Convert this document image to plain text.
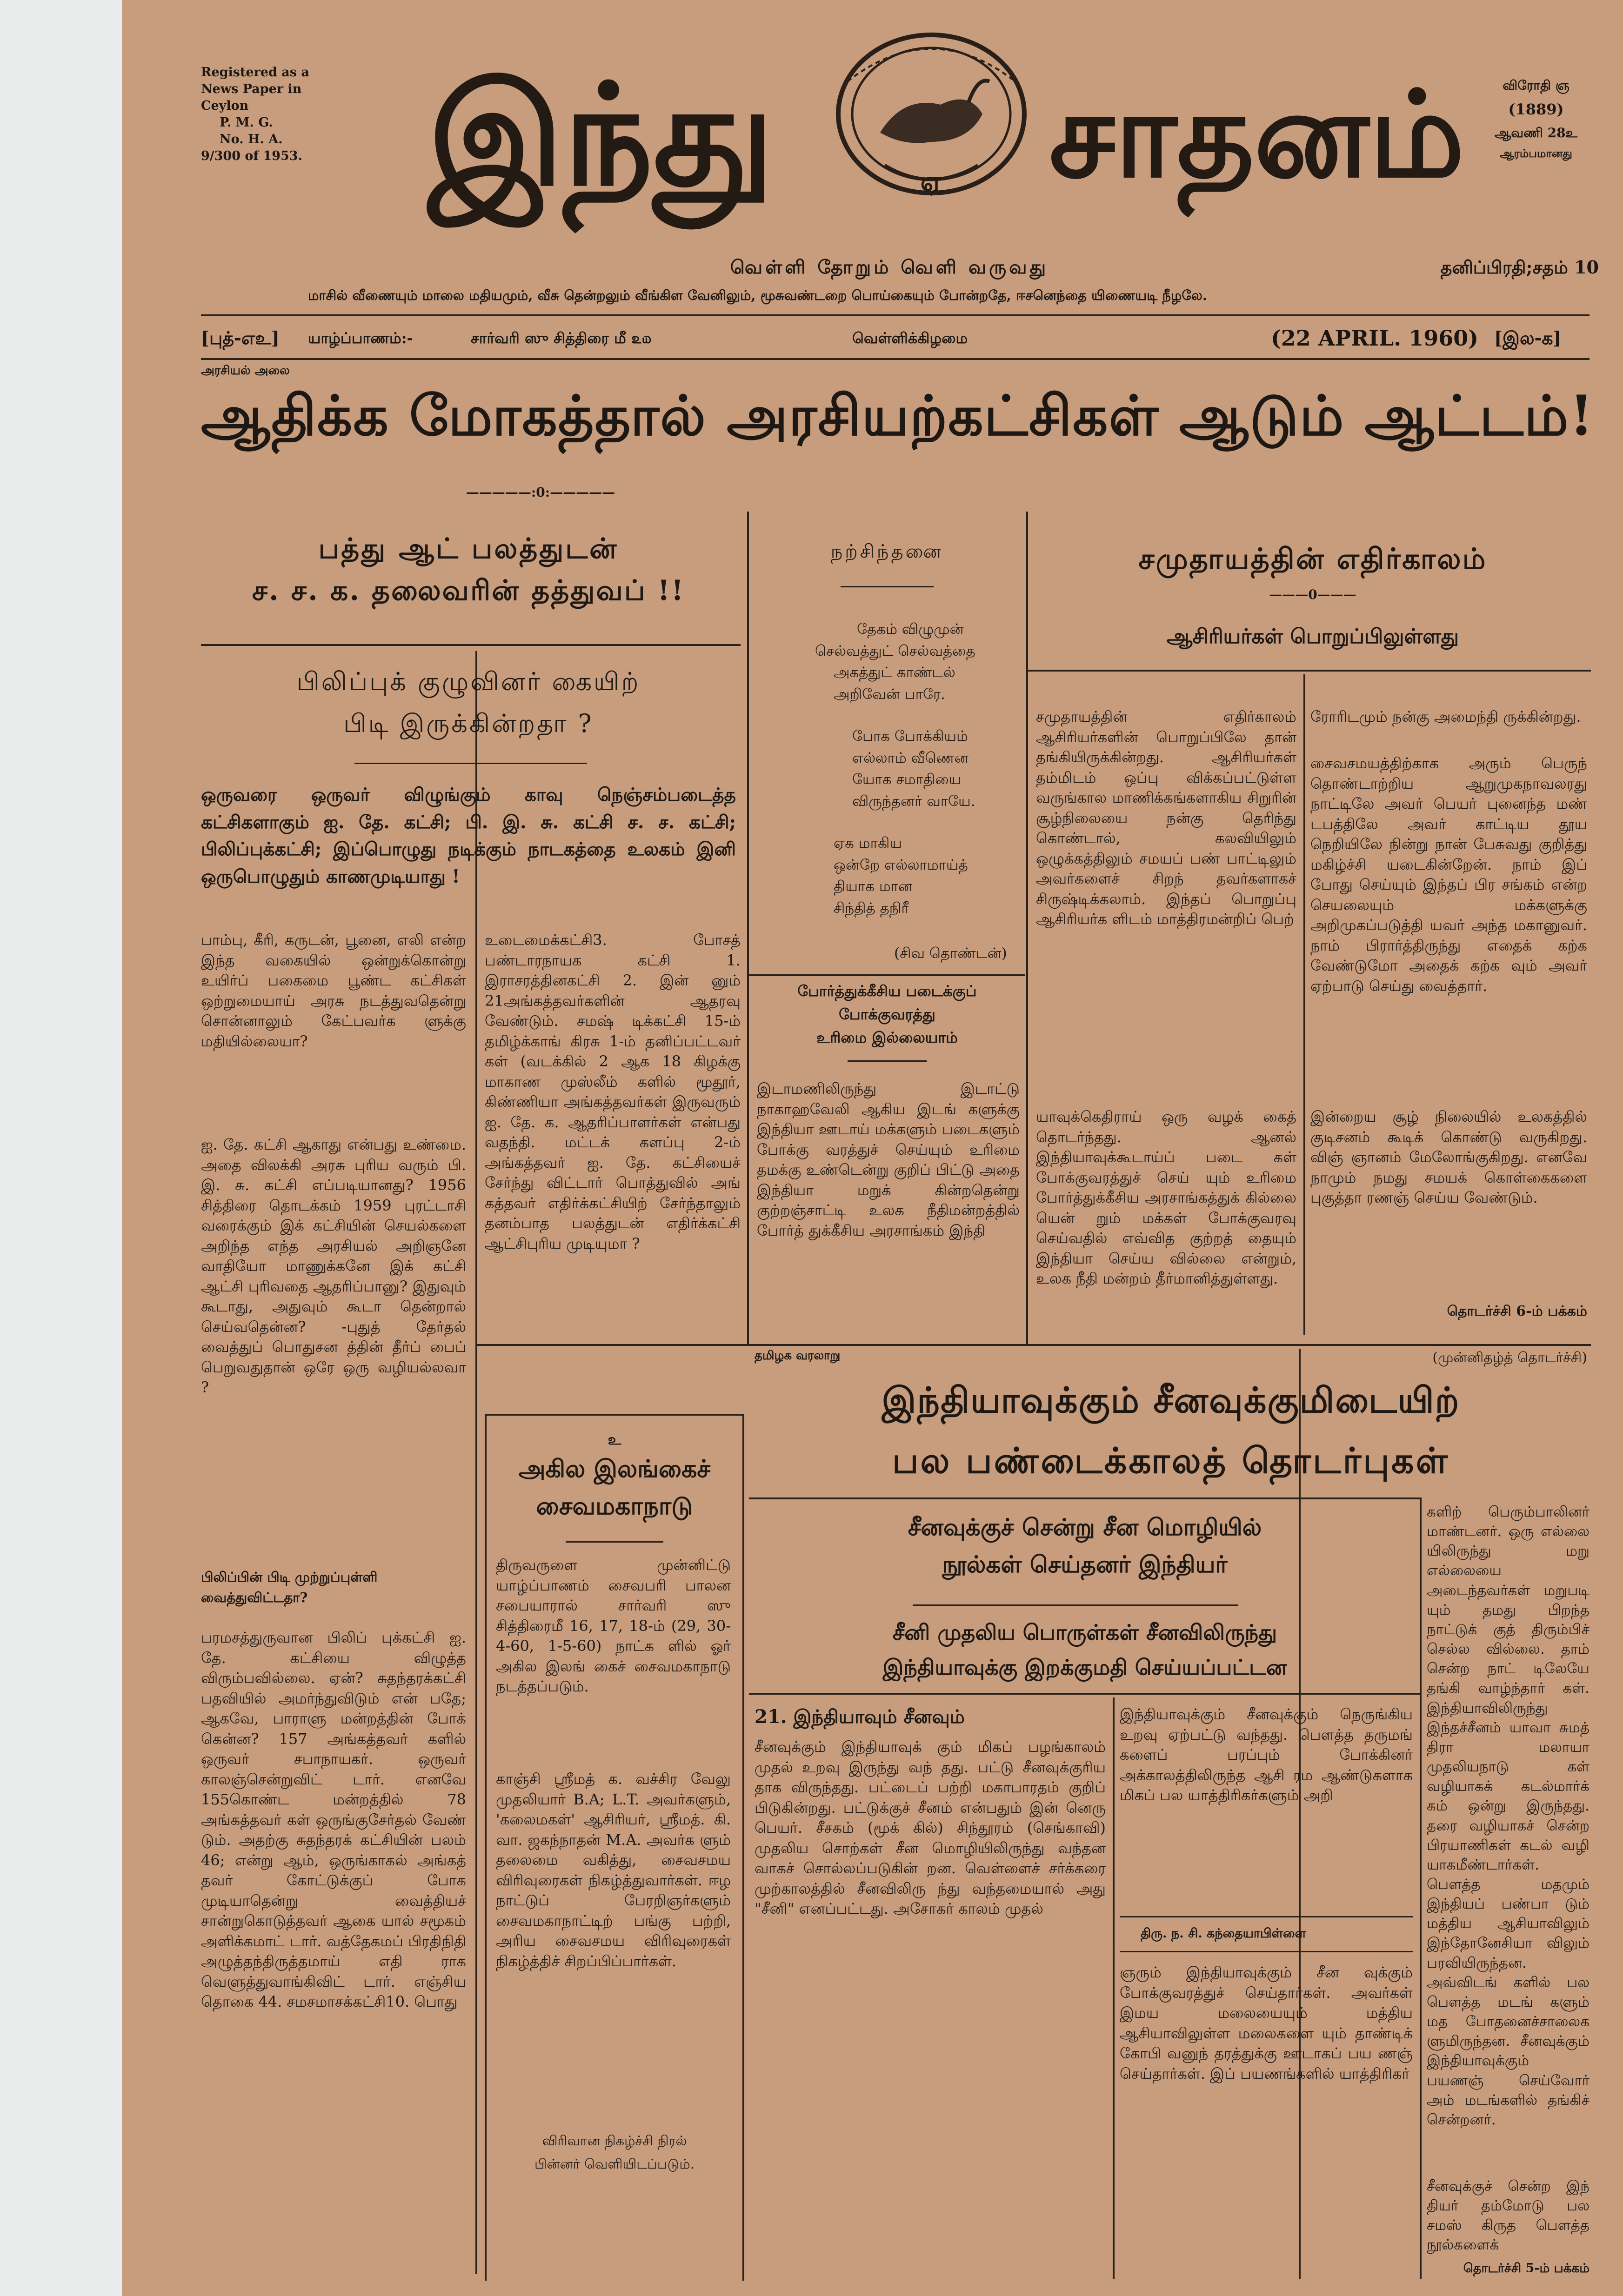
Registered as a
News Paper in
Ceylon
P. M. G.
No. H. A.
9/300 of 1953. இந்து	ஏ சாதனம்	விரோதி ஞ
(1889)
ஆவணி 28உ
ஆரம்பமானது
வெள்ளி தோறும் வெளி வருவது	தனிப்பிரதி;சதம் 10
மாசில் வீணையும் மாலை மதியமும், வீசு தென்றலும் வீங்கிள வேனிலும், மூசுவண்டறை பொய்கையும் போன்றதே, ஈசனெந்தை யிணையடி நீழலே.
[புத்-எஉ] யாழ்ப்பாணம்:-	சார்வரி ஸு சித்திரை மீ ௨௰	வெள்ளிக்கிழமை	(22 APRIL. 1960) [இல-க]
அரசியல் அலை
ஆதிக்க மோகத்தால் அரசியற்கட்சிகள் ஆடும் ஆட்டம்!
—————:0:—————
பத்து ஆட் பலத்துடன்
ச. ச. க. தலைவரின் தத்துவப் !!
பிலிப்புக் குழுவினர் கையிற்
பிடி இருக்கின்றதா ?
ஒருவரை ஒருவர் விழுங்கும் காவு நெஞ்சம்படைத்த கட்சிகளாகும் ஐ. தே. கட்சி; பி. இ. சு. கட்சி ச. ச. கட்சி; பிலிப்புக்கட்சி; இப்பொழுது நடிக்கும் நாடகத்தை உலகம் இனி ஒருபொழுதும் காணமுடியாது !
பாம்பு, கீரி, கருடன், பூனை, எலி என்ற இந்த வகையில் ஒன்றுக்கொன்று உயிர்ப் பகைமை பூண்ட கட்சிகள் ஒற்றுமையாய் அரசு நடத்துவதென்று சொன்னாலும் கேட்பவர்க ளுக்கு மதியில்லையா?
ஐ. தே. கட்சி ஆகாது என்பது உண்மை. அதை விலக்கி அரசு புரிய வரும் பி. இ. சு. கட்சி எப்படியானது? 1956 சித்திரை தொடக்கம் 1959 புரட்டாசி வரைக்கும் இக் கட்சியின் செயல்களை அறிந்த எந்த அரசியல் அறிஞனே வாதியோ மாணுக்கனே இக் கட்சி ஆட்சி புரிவதை ஆதரிப்பானு? இதுவும் கூடாது, அதுவும் கூடா தென்றால் செய்வதென்ன? -புதுத் தேர்தல் வைத்துப் பொதுசன த்தின் தீர்ப் பைப் பெறுவதுதான் ஒரே ஒரு வழியல்லவா ?
பிலிப்பின் பிடி முற்றுப்புள்ளி வைத்துவிட்டதா?
பரமசத்துருவான பிலிப் புக்கட்சி ஐ. தே. கட்சியை விழுத்த விரும்பவில்லை. ஏன்? சுதந்தரக்கட்சி பதவியில் அமர்ந்துவிடும் என் பதே; ஆகவே, பாராளு மன்றத்தின் போக் கென்ன? 157 அங்கத்தவர் களில் ஒருவர் சபாநாயகர். ஒருவர் காலஞ்சென்றுவிட் டார். எனவே 155கொண்ட மன்றத்தில் 78 அங்கத்தவர் கள் ஒருங்குசேர்தல் வேண் டும். அதற்கு சுதந்தரக் கட்சியின் பலம் 46; என்று ஆம், ஒருங்காகல் அங்கத் தவர் கோட்டுக்குப் போக முடியாதென்று வைத்தியச் சான்றுகொடுத்தவர் ஆகை யால் சமூகம் அளிக்கமாட் டார். வத்தேகமப் பிரதிநிதி அழுத்தந்திருத்தமாய் எதி ராக வெளுத்துவாங்கிவிட் டார். எஞ்சிய தொகை 44. சமசமாசக்கட்சி10. பொது
உடைமைக்கட்சி3. போசத் பண்டாரநாயக கட்சி 1. இராசரத்தினகட்சி 2. இன் னும் 21அங்கத்தவர்களின் ஆதரவு வேண்டும். சமஷ் டிக்கட்சி 15-ம் தமிழ்க்காங் கிரசு 1-ம் தனிப்பட்டவர் கள் (வடக்கில் 2 ஆக 18 கிழக்கு மாகாண முஸ்லீம் களில் மூதூர், கிண்ணியா அங்கத்தவர்கள் இருவரும் ஐ. தே. க. ஆதரிப்பாளர்கள் என்பது வதந்தி. மட்டக் களப்பு 2-ம் அங்கத்தவர் ஐ. தே. கட்சியைச் சேர்ந்து விட்டார் பொத்துவில் அங் கத்தவர் எதிர்க்கட்சியிற் சேர்ந்தாலும் தனம்பாத பலத்துடன் எதிர்க்கட்சி ஆட்சிபுரிய முடியுமா ?
உ
அகில இலங்கைச்
சைவமகாநாடு
திருவருளை முன்னிட்டு யாழ்ப்பாணம் சைவபரி பாலன சபையாரால் சார்வரி ஸு சித்திரைமீ 16, 17, 18-ம் (29, 30-4-60, 1-5-60) நாட்க ளில் ஓர் அகில இலங் கைச் சைவமகாநாடு நடத்தப்படும்.
காஞ்சி ஸ்ரீமத் க. வச்சிர வேலு முதலியார் B.A; L.T. அவர்களும், 'கலைமகள்' ஆசிரியர், ஸ்ரீமத். கி. வா. ஜகந்நாதன் M.A. அவர்க ளும் தலைமை வகித்து, சைவசமய விரிவுரைகள் நிகழ்த்துவார்கள். ஈழ நாட்டுப் பேரறிஞர்களும் சைவமகாநாட்டிற் பங்கு பற்றி, அரிய சைவசமய விரிவுரைகள் நிகழ்த்திச் சிறப்பிப்பார்கள்.
விரிவான நிகழ்ச்சி நிரல்
பின்னர் வெளியிடப்படும்.
நற்சிந்தனை
தேகம் விழுமுன்
செல்வத்துட் செல்வத்தை
அகத்துட் காண்டல்
அறிவேன் பாரே.
போக போக்கியம்
எல்லாம் வீணென
யோக சமாதியை
விருந்தனர் வாயே.
ஏக மாகிய
ஒன்றே எல்லாமாய்த்
தியாக மான
சிந்தித் தநிரீ
(சிவ தொண்டன்)
போர்த்துக்கீசிய படைக்குப்
போக்குவரத்து
உரிமை இல்லையாம்
இடாமணிலிருந்து இடாட்டு நாகாஹவேலி ஆகிய இடங் களுக்கு இந்தியா ஊடாய் மக்களும் படைகளும் போக்கு வரத்துச் செய்யும் உரிமை தமக்கு உண்டென்று குறிப் பிட்டு அதை இந்தியா மறுக் கின்றதென்று குற்றஞ்சாட்டி உலக நீதிமன்றத்தில் போர்த் துக்கீசிய அரசாங்கம் இந்தி
சமுதாயத்தின் எதிர்காலம்
———0———
ஆசிரியர்கள் பொறுப்பிலுள்ளது
சமுதாயத்தின் எதிர்காலம் ஆசிரியர்களின் பொறுப்பிலே தான் தங்கியிருக்கின்றது. ஆசிரியர்கள் தம்மிடம் ஒப்பு விக்கப்பட்டுள்ள வருங்கால மாணிக்கங்களாகிய சிறுரின் சூழ்நிலையை நன்கு தெரிந்து கொண்டால், கலவியிலும் ஒழுக்கத்திலும் சமயப் பண் பாட்டிலும் அவர்களைச் சிறந் தவர்களாகச் சிருஷ்டிக்கலாம். இந்தப் பொறுப்பு ஆசிரியர்க ளிடம் மாத்திரமன்றிப் பெற்
யாவுக்கெதிராய் ஒரு வழக் கைத் தொடர்ந்தது. ஆனல் இந்தியாவுக்கூடாய்ப் படை கள் போக்குவரத்துச் செய் யும் உரிமை போர்த்துக்கீசிய அரசாங்கத்துக் கில்லை யென் றும் மக்கள் போக்குவரவு செய்வதில் எவ்வித குற்றத் தையும் இந்தியா செய்ய வில்லை என்றும், உலக நீதி மன்றம் தீர்மானித்துள்ளது.
ரோரிடமும் நன்கு அமைந்தி ருக்கின்றது.
சைவசமயத்திற்காக அரும் பெருந் தொண்டாற்றிய ஆறுமுகநாவலரது நாட்டிலே அவர் பெயர் புனைந்த மண் டபத்திலே அவர் காட்டிய தூய நெறியிலே நின்று நான் பேசுவது குறித்து மகிழ்ச்சி யடைகின்றேன். நாம் இப் போது செய்யும் இந்தப் பிர சங்கம் என்ற செயலையும் மக்களுக்கு அறிமுகப்படுத்தி யவர் அந்த மகானுவர். நாம் பிரார்த்திருந்து எதைக் கற்க வேண்டுமோ அதைக் கற்க வும் அவர் ஏற்பாடு செய்து வைத்தார்.
இன்றைய சூழ் நிலையில் உலகத்தில் குடிசனம் கூடிக் கொண்டு வருகிறது. விஞ் ஞானம் மேலோங்குகிறது. எனவே நாமும் நமது சமயக் கொள்கைகளை புகுத்தா ரணஞ் செய்ய வேண்டும்.
தொடர்ச்சி 6-ம் பக்கம்
தமிழக வரலாறு	(முன்னிதழ்த் தொடர்ச்சி)
இந்தியாவுக்கும் சீனவுக்குமிடையிற்
பல பண்டைக்காலத் தொடர்புகள்
சீனவுக்குச் சென்று சீன மொழியில்
நூல்கள் செய்தனர் இந்தியர்
சீனி முதலிய பொருள்கள் சீனவிலிருந்து
இந்தியாவுக்கு இறக்குமதி செய்யப்பட்டன
21. இந்தியாவும் சீனவும்
சீனவுக்கும் இந்தியாவுக் கும் மிகப் பழங்காலம் முதல் உறவு இருந்து வந் தது. பட்டு சீனவுக்குரிய தாக விருந்தது. பட்டைப் பற்றி மகாபாரதம் குறிப் பிடுகின்றது. பட்டுக்குச் சீனம் என்பதும் இன் னெரு பெயர். சீசகம் (மூக் கில்) சிந்தூரம் (செங்காவி) முதலிய சொற்கள் சீன மொழியிலிருந்து வந்தன வாகச் சொல்லப்படுகின் றன. வெள்ளைச் சர்க்கரை முற்காலத்தில் சீனவிலிரு ந்து வந்தமையால் அது "சீனி" எனப்பட்டது. அசோகர் காலம் முதல்
இந்தியாவுக்கும் சீனவுக்கும் நெருங்கிய உறவு ஏற்பட்டு வந்தது. பௌத்த தருமங் களைப் பரப்பும் போக்கினர் அக்காலத்திலிருந்த ஆசி ரம ஆண்டுகளாக மிகப் பல யாத்திரிகர்களும் அறி
திரு. ந. சி. கந்தையாபிள்ளை
ஞரும் இந்தியாவுக்கும் சீன வுக்கும் போக்குவரத்துச் செய்தார்கள். அவர்கள் இமய மலையையும் மத்திய ஆசியாவிலுள்ள மலைகளை யும் தாண்டிக் கோபி வனுந் தரத்துக்கு ஊடாகப் பய ணஞ் செய்தார்கள். இப் பயணங்களில் யாத்திரிகர்
களிற் பெரும்பாலினர் மாண்டனர். ஒரு எல்லை யிலிருந்து மறு எல்லையை அடைந்தவர்கள் மறுபடி யும் தமது பிறந்த நாட்டுக் குத் திரும்பிச் செல்ல வில்லை. தாம் சென்ற நாட் டிலேயே தங்கி வாழ்ந்தார் கள். இந்தியாவிலிருந்து இந்தச்சீனம் யாவா சுமத் திரா மலாயா முதலியநாடு கள் வழியாகக் கடல்மார்க் கம் ஒன்று இருந்தது. தரை வழியாகச் சென்ற பிரயாணிகள் கடல் வழி யாகமீண்டார்கள். பௌத்த மதமும் இந்தியப் பண்பா டும் மத்திய ஆசியாவிலும் இந்தோனேசியா விலும் பரவியிருந்தன. அவ்விடங் களில் பல பௌத்த மடங் களும் மத போதனைச்சாலைக ளுமிருந்தன. சீனவுக்கும் இந்தியாவுக்கும் பயணஞ் செய்வோர் அம் மடங்களில் தங்கிச் சென்றனர்.
சீனவுக்குச் சென்ற இந் தியர் தம்மோடு பல சமஸ் கிருத பௌத்த நூல்களைக்
தொடர்ச்சி 5-ம் பக்கம்
